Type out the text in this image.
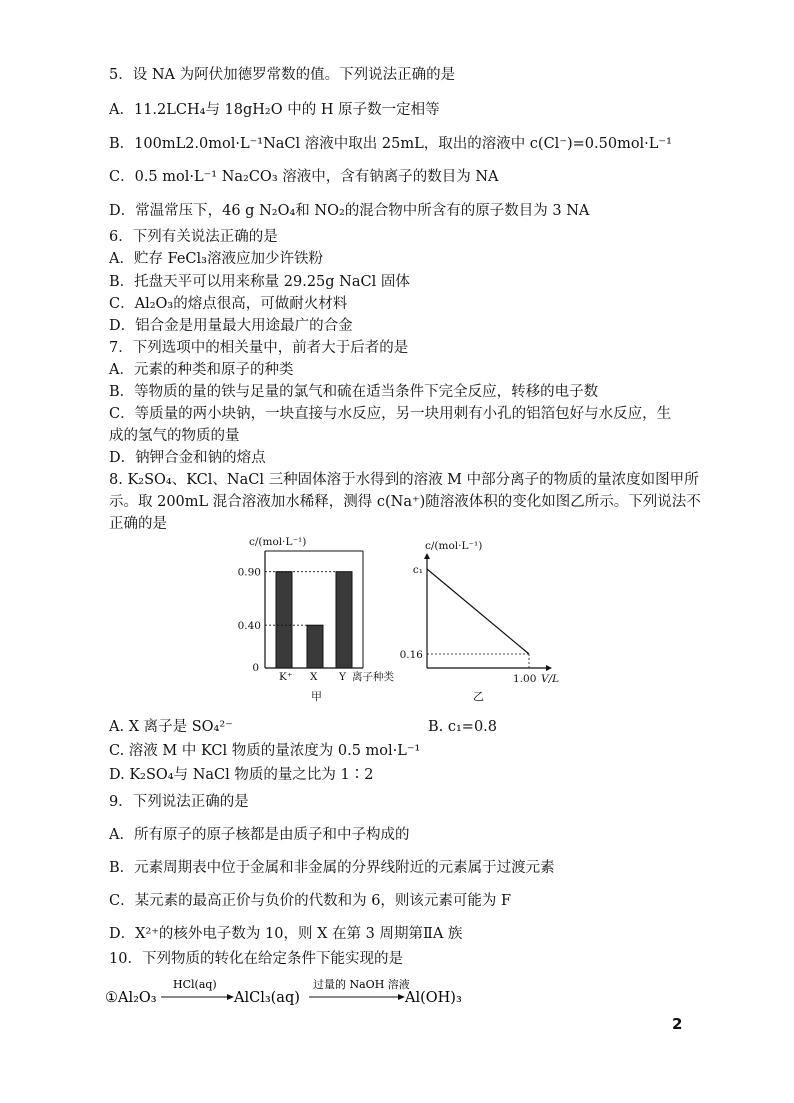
5．设 NA 为阿伏加德罗常数的值。下列说法正确的是
A．11.2LCH₄与 18gH₂O 中的 H 原子数一定相等
B．100mL2.0mol·L⁻¹NaCl 溶液中取出 25mL，取出的溶液中 c(Cl⁻)=0.50mol·L⁻¹
C．0.5 mol·L⁻¹ Na₂CO₃ 溶液中，含有钠离子的数目为 NA
D．常温常压下，46 g N₂O₄和 NO₂的混合物中所含有的原子数目为 3 NA
6．下列有关说法正确的是
A．贮存 FeCl₃溶液应加少许铁粉
B．托盘天平可以用来称量 29.25g NaCl 固体
C．Al₂O₃的熔点很高，可做耐火材料
D．铝合金是用量最大用途最广的合金
7．下列选项中的相关量中，前者大于后者的是
A．元素的种类和原子的种类
B．等物质的量的铁与足量的氯气和硫在适当条件下完全反应，转移的电子数
C．等质量的两小块钠，一块直接与水反应，另一块用刺有小孔的铝箔包好与水反应，生
成的氢气的物质的量
D．钠钾合金和钠的熔点
8. K₂SO₄、KCl、NaCl 三种固体溶于水得到的溶液 M 中部分离子的物质的量浓度如图甲所
示。取 200mL 混合溶液加水稀释，测得 c(Na⁺)随溶液体积的变化如图乙所示。下列说法不
正确的是
c/(mol·L⁻¹)
K⁺ X Y
0
0.40
0.90
离子种类
甲
c/(mol·L⁻¹)
c₁
0.16
1.00 V/L
乙
A. X 离子是 SO₄²⁻	B. c₁=0.8
C. 溶液 M 中 KCl 物质的量浓度为 0.5 mol·L⁻¹
D. K₂SO₄与 NaCl 物质的量之比为 1∶2
9．下列说法正确的是
A．所有原子的原子核都是由质子和中子构成的
B．元素周期表中位于金属和非金属的分界线附近的元素属于过渡元素
C．某元素的最高正价与负价的代数和为 6，则该元素可能为 F
D．X²⁺的核外电子数为 10，则 X 在第 3 周期第ⅡA 族
10．下列物质的转化在给定条件下能实现的是
①Al₂O₃
HCl(aq)
AlCl₃(aq)
过量的 NaOH 溶液
Al(OH)₃
2
